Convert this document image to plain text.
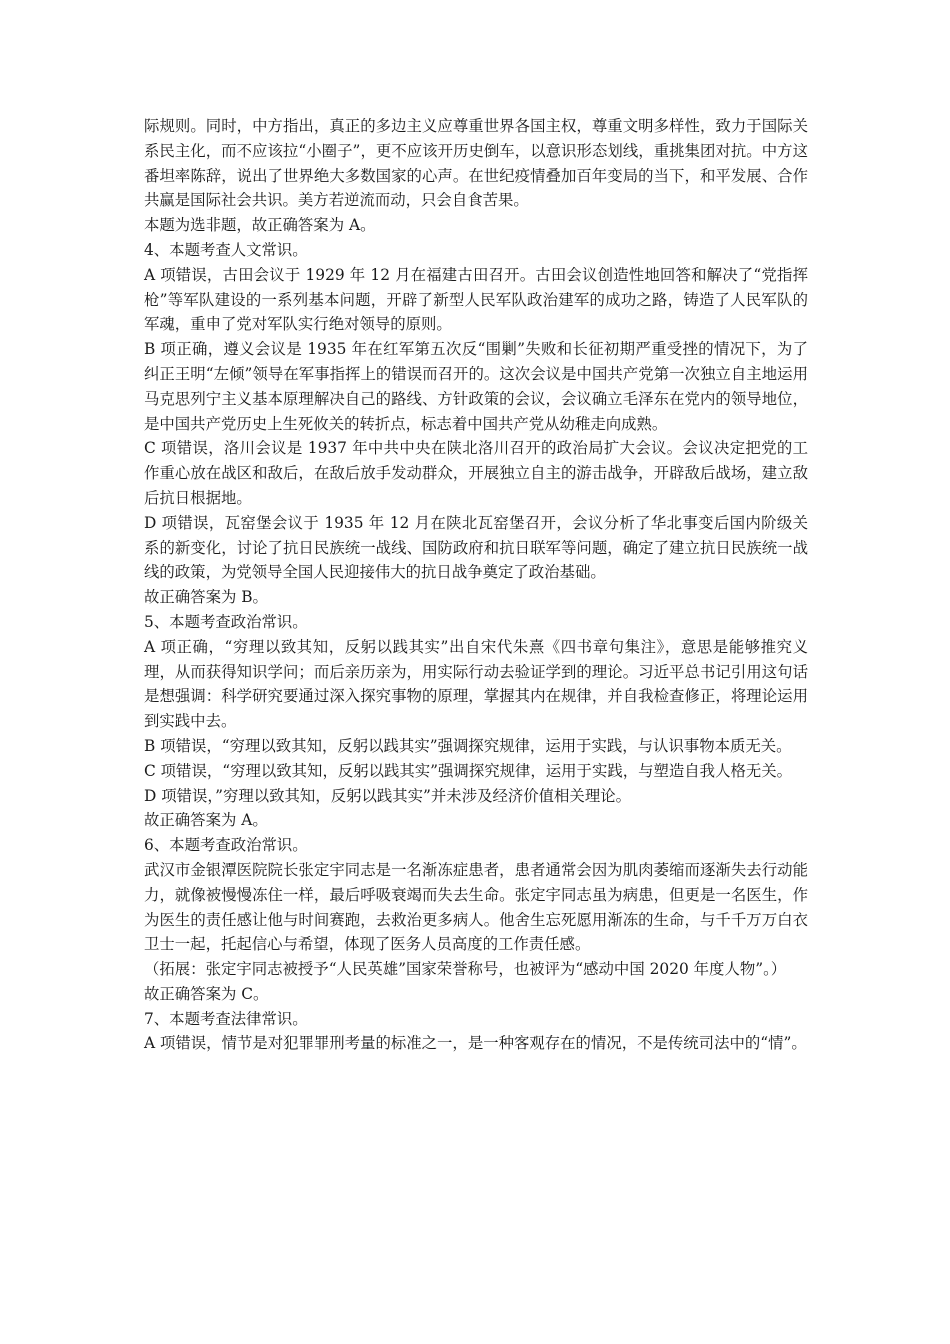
际规则。同时，中方指出，真正的多边主义应尊重世界各国主权，尊重文明多样性，致力于国际关系民主化，而不应该拉“小圈子”，更不应该开历史倒车，以意识形态划线，重挑集团对抗。中方这番坦率陈辞，说出了世界绝大多数国家的心声。在世纪疫情叠加百年变局的当下，和平发展、合作共赢是国际社会共识。美方若逆流而动，只会自食苦果。

本题为选非题，故正确答案为 A。

4、本题考查人文常识。

A 项错误，古田会议于 1929 年 12 月在福建古田召开。古田会议创造性地回答和解决了“党指挥枪”等军队建设的一系列基本问题，开辟了新型人民军队政治建军的成功之路，铸造了人民军队的军魂，重申了党对军队实行绝对领导的原则。

B 项正确，遵义会议是 1935 年在红军第五次反“围剿”失败和长征初期严重受挫的情况下，为了纠正王明“左倾”领导在军事指挥上的错误而召开的。这次会议是中国共产党第一次独立自主地运用马克思列宁主义基本原理解决自己的路线、方针政策的会议，会议确立毛泽东在党内的领导地位，是中国共产党历史上生死攸关的转折点，标志着中国共产党从幼稚走向成熟。

C 项错误，洛川会议是 1937 年中共中央在陕北洛川召开的政治局扩大会议。会议决定把党的工作重心放在战区和敌后，在敌后放手发动群众，开展独立自主的游击战争，开辟敌后战场，建立敌后抗日根据地。

D 项错误，瓦窑堡会议于 1935 年 12 月在陕北瓦窑堡召开，会议分析了华北事变后国内阶级关系的新变化，讨论了抗日民族统一战线、国防政府和抗日联军等问题，确定了建立抗日民族统一战线的政策，为党领导全国人民迎接伟大的抗日战争奠定了政治基础。

故正确答案为 B。

5、本题考查政治常识。

A 项正确，“穷理以致其知，反躬以践其实”出自宋代朱熹《四书章句集注》，意思是能够推究义理，从而获得知识学问；而后亲历亲为，用实际行动去验证学到的理论。习近平总书记引用这句话是想强调：科学研究要通过深入探究事物的原理，掌握其内在规律，并自我检查修正，将理论运用到实践中去。

B 项错误，“穷理以致其知，反躬以践其实”强调探究规律，运用于实践，与认识事物本质无关。

C 项错误，“穷理以致其知，反躬以践其实”强调探究规律，运用于实践，与塑造自我人格无关。

D 项错误，”穷理以致其知，反躬以践其实”并未涉及经济价值相关理论。

故正确答案为 A。

6、本题考查政治常识。

武汉市金银潭医院院长张定宇同志是一名渐冻症患者，患者通常会因为肌肉萎缩而逐渐失去行动能力，就像被慢慢冻住一样，最后呼吸衰竭而失去生命。张定宇同志虽为病患，但更是一名医生，作为医生的责任感让他与时间赛跑，去救治更多病人。他舍生忘死愿用渐冻的生命，与千千万万白衣卫士一起，托起信心与希望，体现了医务人员高度的工作责任感。

（拓展：张定宇同志被授予“人民英雄”国家荣誉称号，也被评为“感动中国 2020 年度人物”。）

故正确答案为 C。

7、本题考查法律常识。

A 项错误，情节是对犯罪罪刑考量的标准之一，是一种客观存在的情况，不是传统司法中的“情”。
